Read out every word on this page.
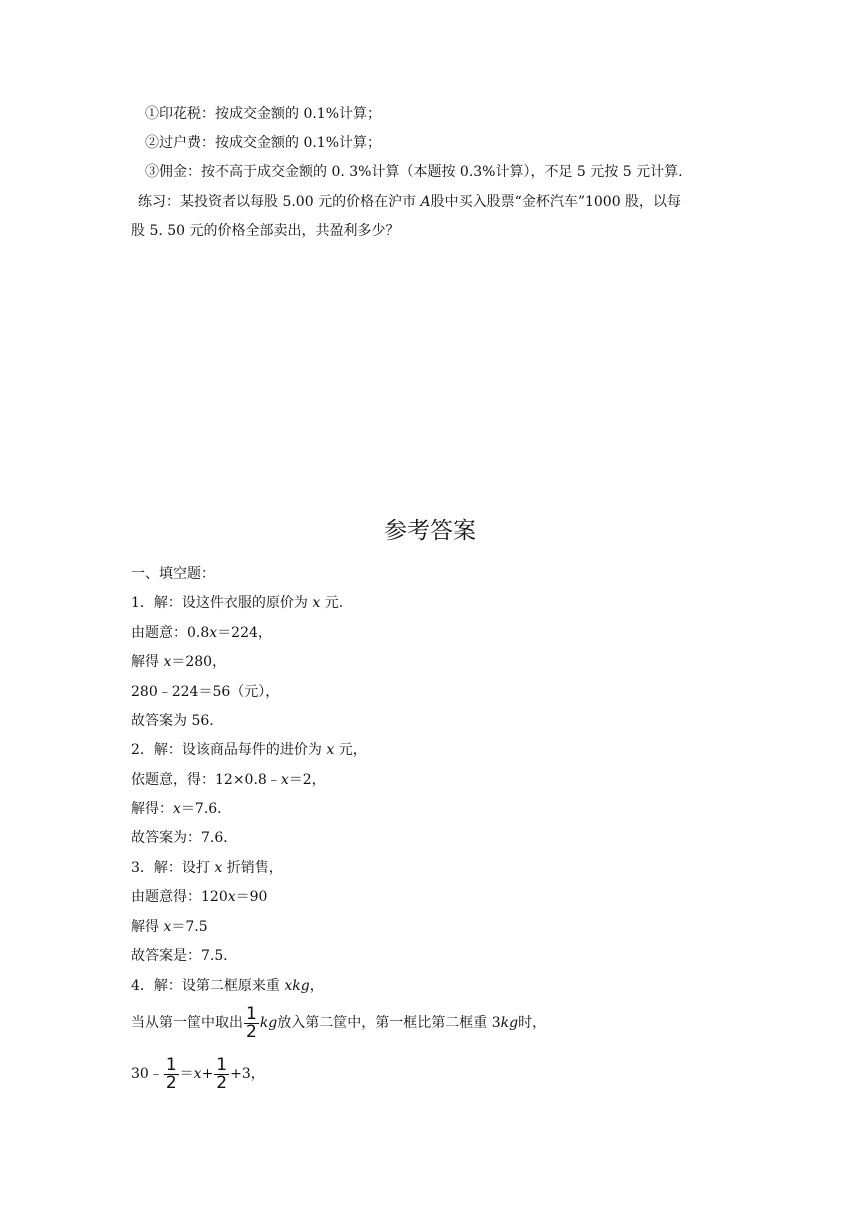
①印花税：按成交金额的 0.1%计算；
②过户费：按成交金额的 0.1%计算；
③佣金：按不高于成交金额的 0. 3%计算（本题按 0.3%计算），不足 5 元按 5 元计算.
练习：某投资者以每股 5.00 元的价格在沪市 A股中买入股票“金杯汽车”1000 股，以每
股 5. 50 元的价格全部卖出，共盈利多少？
参考答案
一、填空题：
1．解：设这件衣服的原价为 x 元.
由题意：0.8x＝224，
解得 x＝280，
280﹣224＝56（元），
故答案为 56.
2．解：设该商品每件的进价为 x 元，
依题意，得：12×0.8﹣x＝2，
解得：x＝7.6．
故答案为：7.6．
3．解：设打 x 折销售，
由题意得：120x＝90
解得 x＝7.5
故答案是：7.5．
4．解：设第二框原来重 xkg，
当从第一筐中取出 $\frac{1}{2}$ kg放入第二筐中，第一框比第二框重 3kg时，
30﹣ $\frac{1}{2} =x+ \frac{1}{2} +3$，
